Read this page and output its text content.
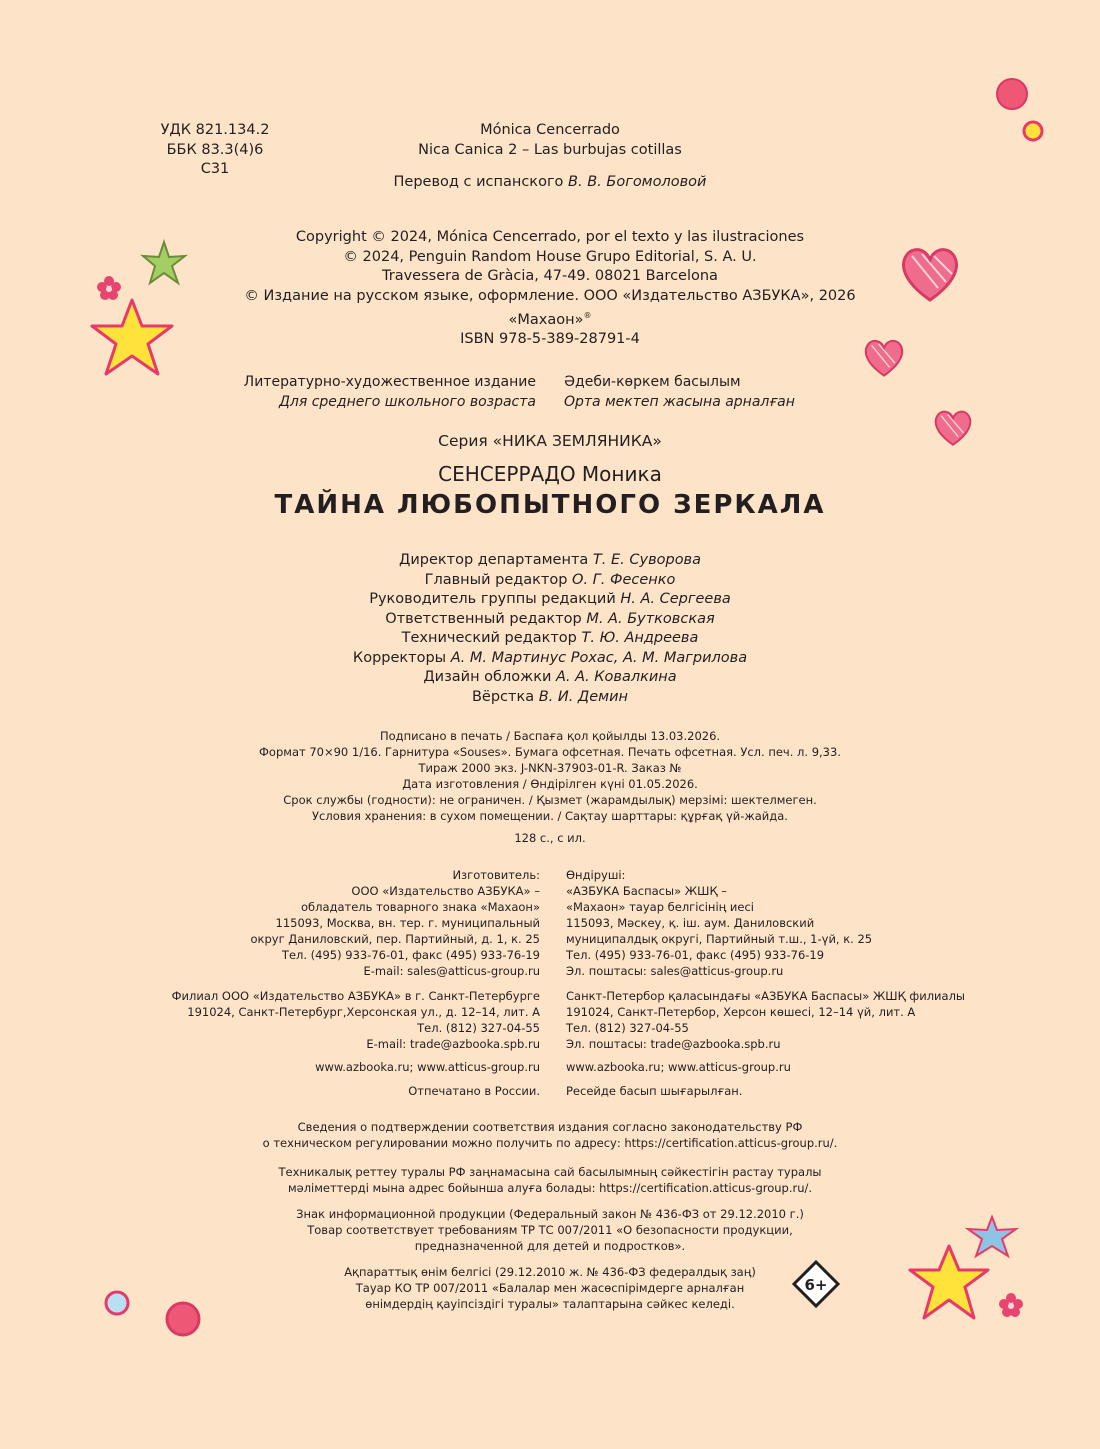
УДК 821.134.2
ББК 83.3(4)6
С31
Mónica Cencerrado
Nica Canica 2 – Las burbujas cotillas
Перевод с испанского В. В. Богомоловой
Copyright © 2024, Mónica Cencerrado, por el texto y las ilustraciones
© 2024, Penguin Random House Grupo Editorial, S. A. U.
Travessera de Gràcia, 47-49. 08021 Barcelona
© Издание на русском языке, оформление. ООО «Издательство АЗБУКА», 2026
«Махаон»®
ISBN 978-5-389-28791-4
Литературно-художественное издание
Для среднего школьного возраста
Әдеби-көркем басылым
Орта мектеп жасына арналған
Серия «НИКА ЗЕМЛЯНИКА»
СЕНСЕРРАДО Моника
ТАЙНА ЛЮБОПЫТНОГО ЗЕРКАЛА
Директор департамента Т. Е. Суворова
Главный редактор О. Г. Фесенко
Руководитель группы редакций Н. А. Сергеева
Ответственный редактор М. А. Бутковская
Технический редактор Т. Ю. Андреева
Корректоры А. М. Мартинус Рохас, А. М. Магрилова
Дизайн обложки А. А. Ковалкина
Вёрстка В. И. Демин
Подписано в печать / Баспаға қол қойылды 13.03.2026.
Формат 70×90 1/16. Гарнитура «Souses». Бумага офсетная. Печать офсетная. Усл. печ. л. 9,33.
Тираж 2000 экз. J-NKN-37903-01-R. Заказ №
Дата изготовления / Өндірілген күні 01.05.2026.
Срок службы (годности): не ограничен. / Қызмет (жарамдылық) мерзімі: шектелмеген.
Условия хранения: в сухом помещении. / Сақтау шарттары: құрғақ үй-жайда.
128 с., с ил.
Изготовитель:
ООО «Издательство АЗБУКА» –
обладатель товарного знака «Махаон»
115093, Москва, вн. тер. г. муниципальный
округ Даниловский, пер. Партийный, д. 1, к. 25
Тел. (495) 933-76-01, факс (495) 933-76-19
E-mail: sales@atticus-group.ru
Өндіруші:
«АЗБУКА Баспасы» ЖШҚ –
«Махаон» тауар белгісінің иесі
115093, Мәскеу, қ. іш. аум. Даниловский
муниципалдық округі, Партийный т.ш., 1-үй, к. 25
Тел. (495) 933-76-01, факс (495) 933-76-19
Эл. поштасы: sales@atticus-group.ru
Филиал ООО «Издательство АЗБУКА» в г. Санкт-Петербурге
191024, Санкт-Петербург,Херсонская ул., д. 12–14, лит. А
Тел. (812) 327-04-55
E-mail: trade@azbooka.spb.ru
Санкт-Петербор қаласындағы «АЗБУКА Баспасы» ЖШҚ филиалы
191024, Санкт-Петербор, Херсон көшесі, 12–14 үй, лит. А
Тел. (812) 327-04-55
Эл. поштасы: trade@azbooka.spb.ru
www.azbooka.ru; www.atticus-group.ru www.azbooka.ru; www.atticus-group.ru
Отпечатано в России. Ресейде басып шығарылған.
Сведения о подтверждении соответствия издания согласно законодательству РФ
о техническом регулировании можно получить по адресу: https://certification.atticus-group.ru/.
Техникалық реттеу туралы РФ заңнамасына сай басылымның сәйкестігін растау туралы
мәліметтерді мына адрес бойынша алуға болады: https://certification.atticus-group.ru/.
Знак информационной продукции (Федеральный закон № 436-ФЗ от 29.12.2010 г.)
Товар соответствует требованиям ТР ТС 007/2011 «О безопасности продукции,
предназначенной для детей и подростков».
Ақпараттық өнім белгісі (29.12.2010 ж. № 436-ФЗ федералдық заң)
Тауар КО ТР 007/2011 «Балалар мен жасөспірімдерге арналған
өнімдердің қауіпсіздігі туралы» талаптарына сәйкес келеді.
6+
